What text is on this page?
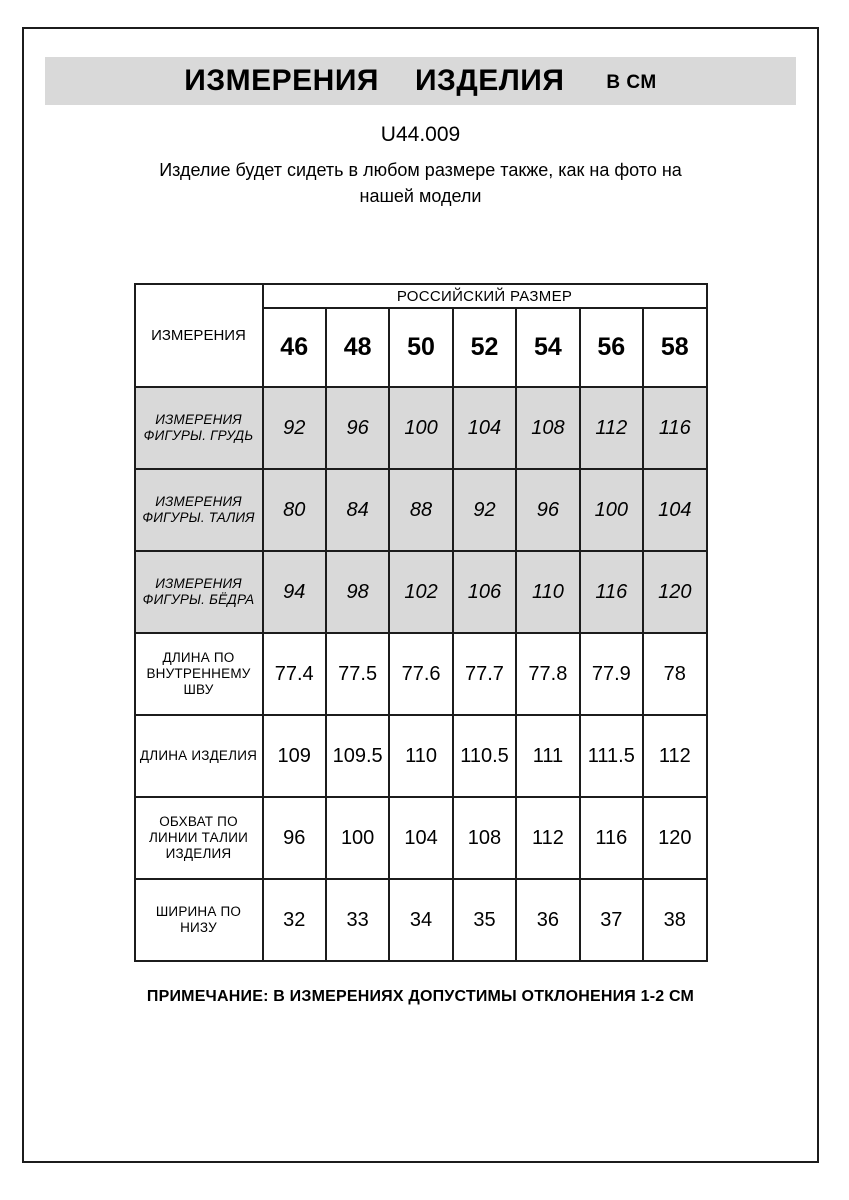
ИЗМЕРЕНИЯ ИЗДЕЛИЯ В СМ
U44.009
Изделие будет сидеть в любом размере также, как на фото на нашей модели
ИЗМЕРЕНИЯ	РОССИЙСКИЙ РАЗМЕР						
	46	48	50	52	54	56	58
ИЗМЕРЕНИЯ ФИГУРЫ. ГРУДЬ	92	96	100	104	108	112	116
ИЗМЕРЕНИЯ ФИГУРЫ. ТАЛИЯ	80	84	88	92	96	100	104
ИЗМЕРЕНИЯ ФИГУРЫ. БЁДРА	94	98	102	106	110	116	120
ДЛИНА ПО ВНУТРЕННЕМУ ШВУ	77.4	77.5	77.6	77.7	77.8	77.9	78
ДЛИНА ИЗДЕЛИЯ	109	109.5	110	110.5	111	111.5	112
ОБХВАТ ПО ЛИНИИ ТАЛИИ ИЗДЕЛИЯ	96	100	104	108	112	116	120
ШИРИНА ПО НИЗУ	32	33	34	35	36	37	38
ПРИМЕЧАНИЕ: В ИЗМЕРЕНИЯХ ДОПУСТИМЫ ОТКЛОНЕНИЯ 1-2 СМ
